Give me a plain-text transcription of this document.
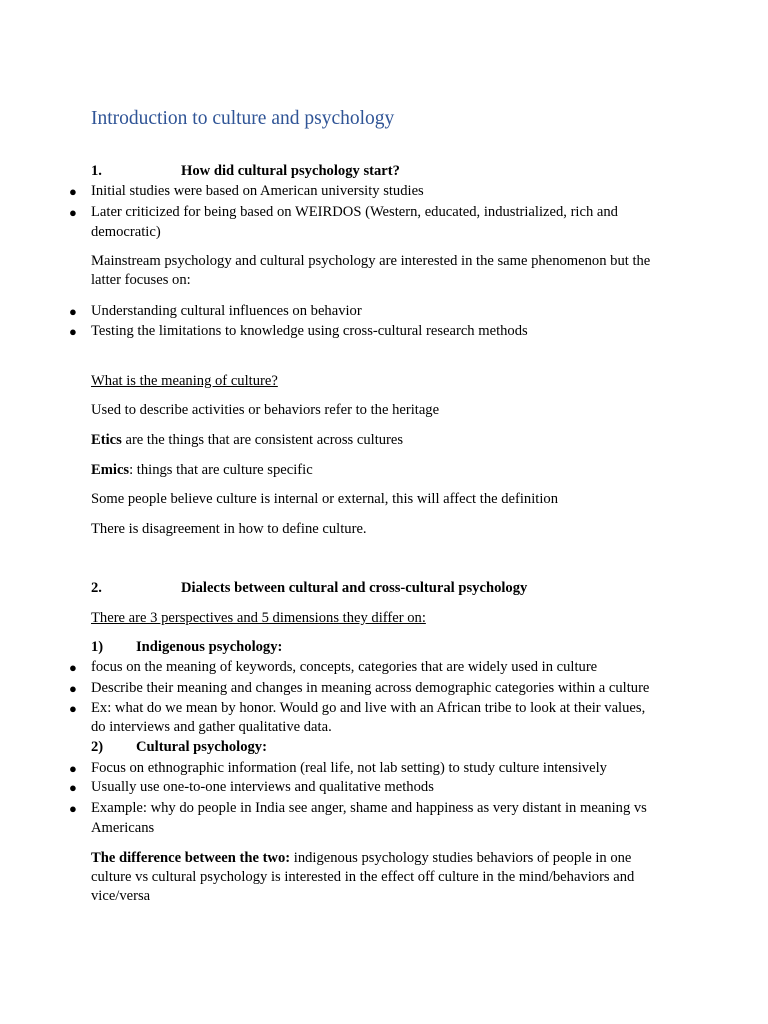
Introduction to culture and psychology
1.	How did cultural psychology start?
● Initial studies were based on American university studies
● Later criticized for being based on WEIRDOS (Western, educated, industrialized, rich and
democratic)
Mainstream psychology and cultural psychology are interested in the same phenomenon but the
latter focuses on:
● Understanding cultural influences on behavior
● Testing the limitations to knowledge using cross-cultural research methods
What is the meaning of culture?
Used to describe activities or behaviors refer to the heritage
Etics are the things that are consistent across cultures
Emics: things that are culture specific
Some people believe culture is internal or external, this will affect the definition
There is disagreement in how to define culture.
2.	Dialects between cultural and cross-cultural psychology
There are 3 perspectives and 5 dimensions they differ on:
1) Indigenous psychology:
● focus on the meaning of keywords, concepts, categories that are widely used in culture
● Describe their meaning and changes in meaning across demographic categories within a culture
● Ex: what do we mean by honor. Would go and live with an African tribe to look at their values,
do interviews and gather qualitative data.
2) Cultural psychology:
● Focus on ethnographic information (real life, not lab setting) to study culture intensively
● Usually use one-to-one interviews and qualitative methods
● Example: why do people in India see anger, shame and happiness as very distant in meaning vs
Americans
The difference between the two: indigenous psychology studies behaviors of people in one
culture vs cultural psychology is interested in the effect off culture in the mind/behaviors and
vice/versa
